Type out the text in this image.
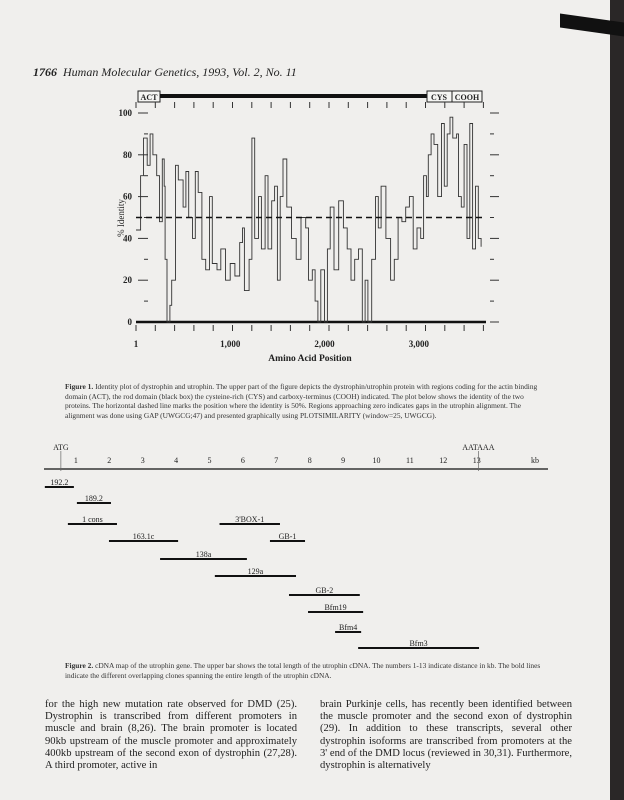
1766 Human Molecular Genetics, 1993, Vol. 2, No. 11
ACT	CYS COOH
0
20
40
60
80
100
1	1,000	2,000	3,000
Amino Acid Position
% Identity
1	2	3	4	5	6	7	8	9	10	11	12	13	kb
ATG	AATAAA
192.2
189.2
1 cons	3'BOX-1
163.1c	GB-1
138a
129a
GB-2
Bfm19
Bfm4
Bfm3
Figure 1. Identity plot of dystrophin and utrophin. The upper part of the figure depicts the dystrophin/utrophin protein with regions coding for the actin binding domain (ACT), the rod domain (black box) the cysteine-rich (CYS) and carboxy-terminus (COOH) indicated. The plot below shows the identity of the two proteins. The horizontal dashed line marks the position where the identity is 50%. Regions approaching zero indicates gaps in the utrophin alignment. The alignment was done using GAP (UWGCG;47) and presented graphically using PLOTSIMILARITY (window=25, UWGCG).
Figure 2. cDNA map of the utrophin gene. The upper bar shows the total length of the utrophin cDNA. The numbers 1-13 indicate distance in kb. The bold lines indicate the different overlapping clones spanning the entire length of the utrophin cDNA.
for the high new mutation rate observed for DMD (25). Dystrophin is transcribed from different promoters in muscle and brain (8,26). The brain promoter is located 90kb upstream of the muscle promoter and approximately 400kb upstream of the second exon of dystrophin (27,28). A third promoter, active in
brain Purkinje cells, has recently been identified between the muscle promoter and the second exon of dystrophin (29). In addition to these transcripts, several other dystrophin isoforms are transcribed from promoters at the 3' end of the DMD locus (reviewed in 30,31). Furthermore, dystrophin is alternatively
